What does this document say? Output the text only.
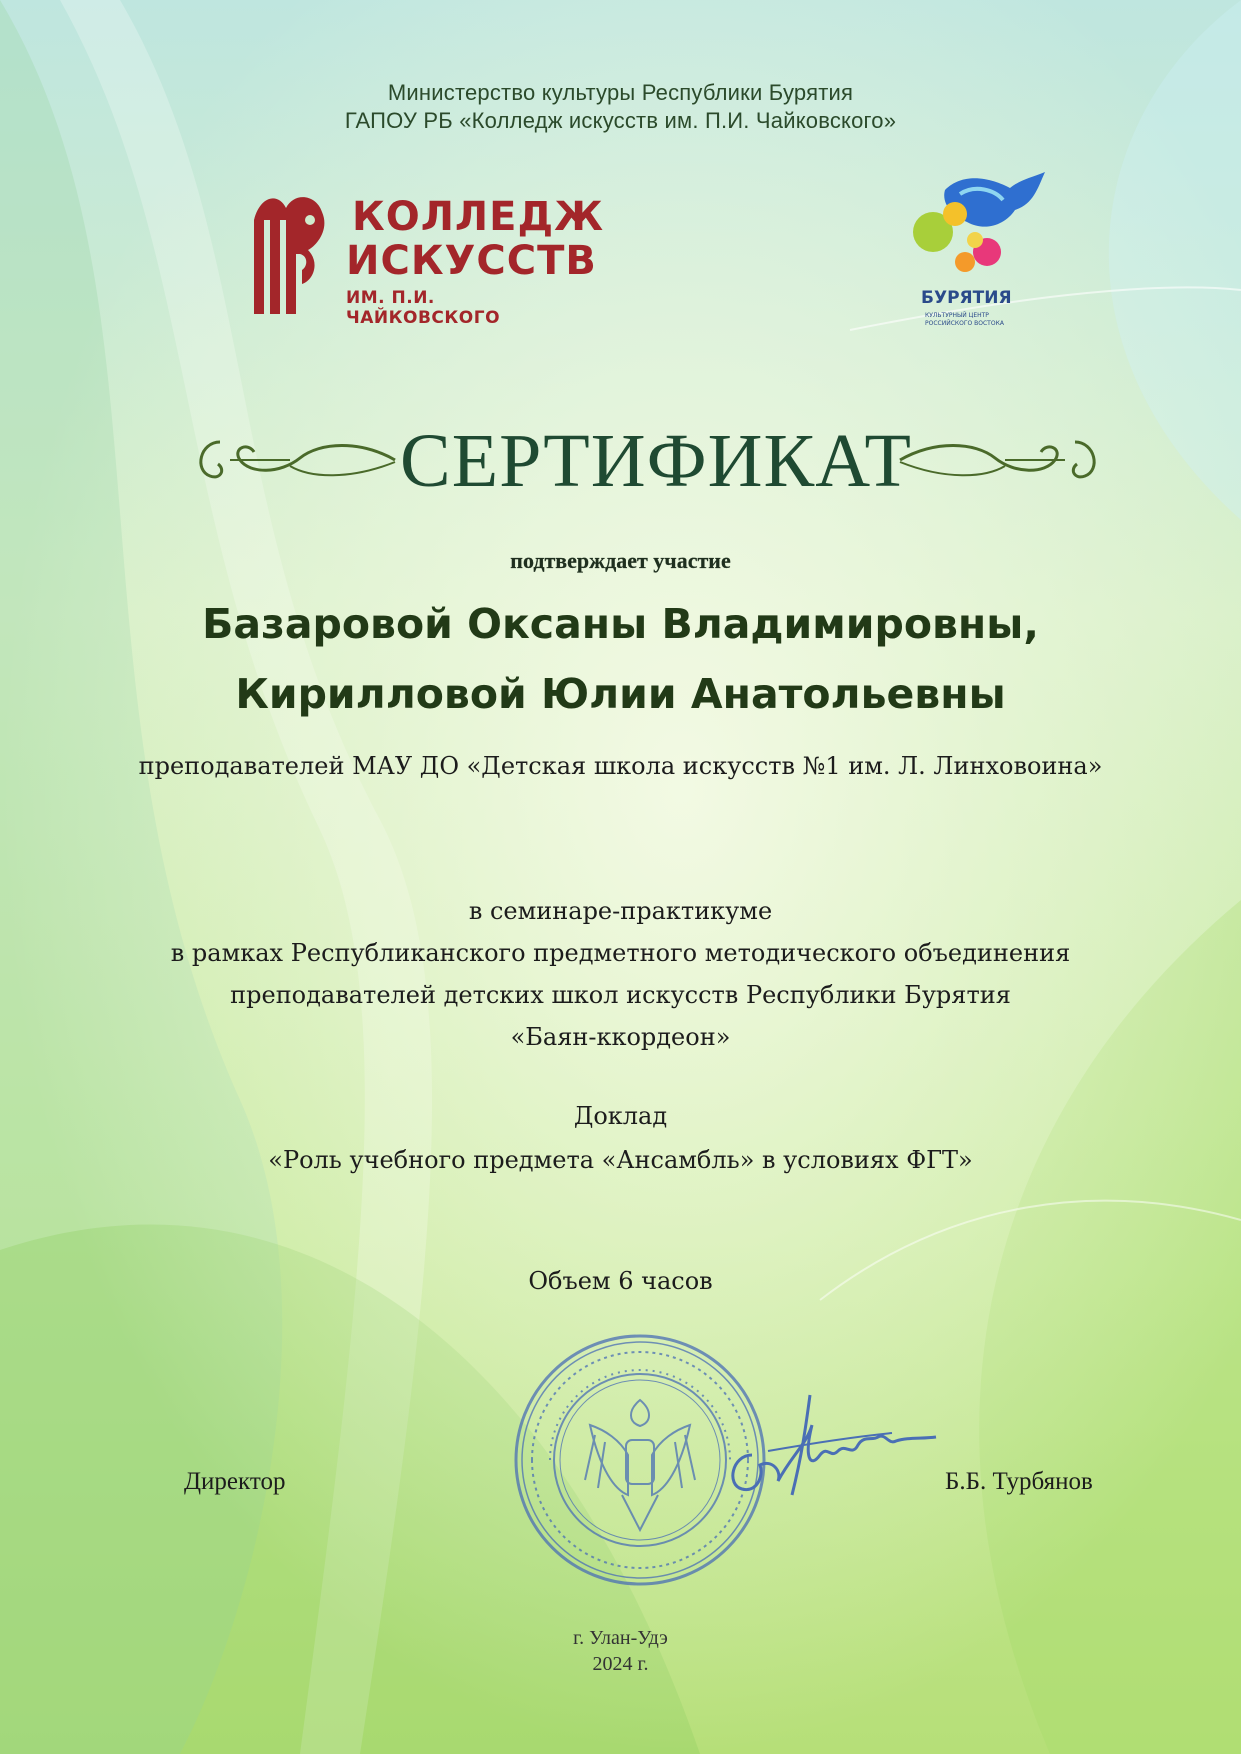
Министерство культуры Республики Бурятия

ГАПОУ РБ «Колледж искусств им. П.И. Чайковского»

КОЛЛЕДЖ

ИСКУССТВ

ИМ. П.И. ЧАЙКОВСКОГО

БУРЯТИЯ

КУЛЬТУРНЫЙ ЦЕНТР

РОССИЙСКОГО ВОСТОКА

СЕРТИФИКАТ

подтверждает участие

Базаровой Оксаны Владимировны,

Кирилловой Юлии Анатольевны

преподавателей МАУ ДО «Детская школа искусств №1 им. Л. Линховоина»

в семинаре-практикуме

в рамках Республиканского предметного методического объединения

преподавателей детских школ искусств Республики Бурятия

«Баян-ккордеон»

Доклад

«Роль учебного предмета «Ансамбль» в условиях ФГТ»

Объем 6 часов

Директор	Б.Б. Турбянов

г. Улан-Удэ

2024 г.
